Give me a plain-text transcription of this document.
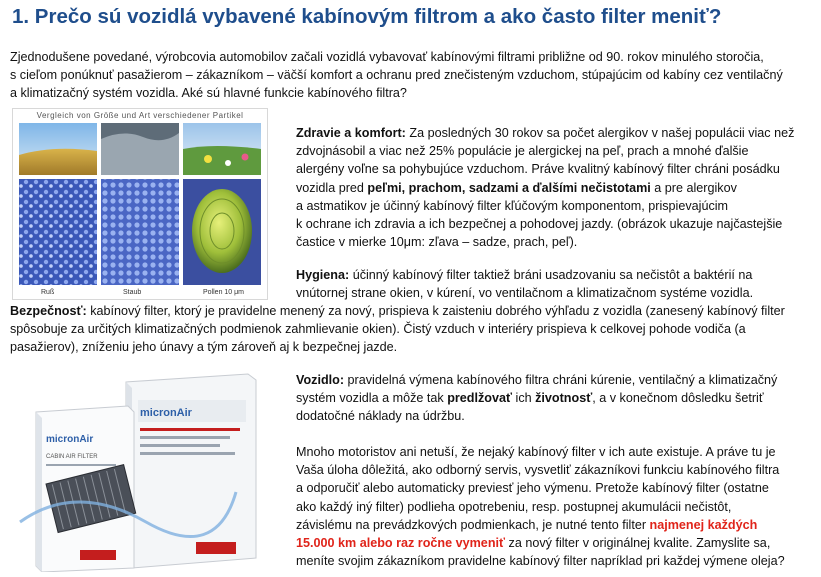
1. Prečo sú vozidlá vybavené kabínovým filtrom a ako často filter meniť?
Zjednodušene povedané, výrobcovia automobilov začali vozidlá vybavovať kabínovými filtrami približne od 90. rokov minulého storočia,
s cieľom ponúknuť pasažierom – zákazníkom – väčší komfort a ochranu pred znečisteným vzduchom, stúpajúcim od kabíny cez ventilačný
a klimatizačný systém vozidla. Aké sú hlavné funkcie kabínového filtra?
Vergleich von Größe und Art verschiedener Partikel
Ruß	Staub	Pollen 10 μm
Zdravie a komfort: Za posledných 30 rokov sa počet alergikov v našej populácii viac než
zdvojnásobil a viac než 25% populácie je alergickej na peľ, prach a mnohé ďalšie
alergény voľne sa pohybujúce vzduchom. Práve kvalitný kabínový filter chráni posádku
vozidla pred peľmi, prachom, sadzami a ďalšími nečistotami a pre alergikov
a astmatikov je účinný kabínový filter kľúčovým komponentom, prispievajúcim
k ochrane ich zdravia a ich bezpečnej a pohodovej jazdy. (obrázok ukazuje najčastejšie
častice v mierke 10μm: zľava – sadze, prach, peľ).
Hygiena: účinný kabínový filter taktiež bráni usadzovaniu sa nečistôt a baktérií na
vnútornej strane okien, v kúrení, vo ventilačnom a klimatizačnom systéme vozidla.
Bezpečnosť: kabínový filter, ktorý je pravidelne menený za nový, prispieva k zaisteniu dobrého výhľadu z vozidla (zanesený kabínový filter
spôsobuje za určitých klimatizačných podmienok zahmlievanie okien). Čistý vzduch v interiéry prispieva k celkovej pohode vodiča (a
pasažierov), zníženiu jeho únavy a tým zároveň aj k bezpečnej jazde.
micronAir
micronAir
CABIN AIR FILTER
Vozidlo: pravidelná výmena kabínového filtra chráni kúrenie, ventilačný a klimatizačný
systém vozidla a môže tak predlžovať ich životnosť, a v konečnom dôsledku šetriť
dodatočné náklady na údržbu.
Mnoho motoristov ani netuší, že nejaký kabínový filter v ich aute existuje. A práve tu je
Vaša úloha dôležitá, ako odborný servis, vysvetliť zákazníkovi funkciu kabínového filtra
a odporučiť alebo automaticky previesť jeho výmenu. Pretože kabínový filter (ostatne
ako každý iný filter) podlieha opotrebeniu, resp. postupnej akumulácii nečistôt,
závislému na prevádzkových podmienkach, je nutné tento filter najmenej každých
15.000 km alebo raz ročne vymeniť za nový filter v originálnej kvalite. Zamyslite sa,
meníte svojim zákazníkom pravidelne kabínový filter napríklad pri každej výmene oleja?
